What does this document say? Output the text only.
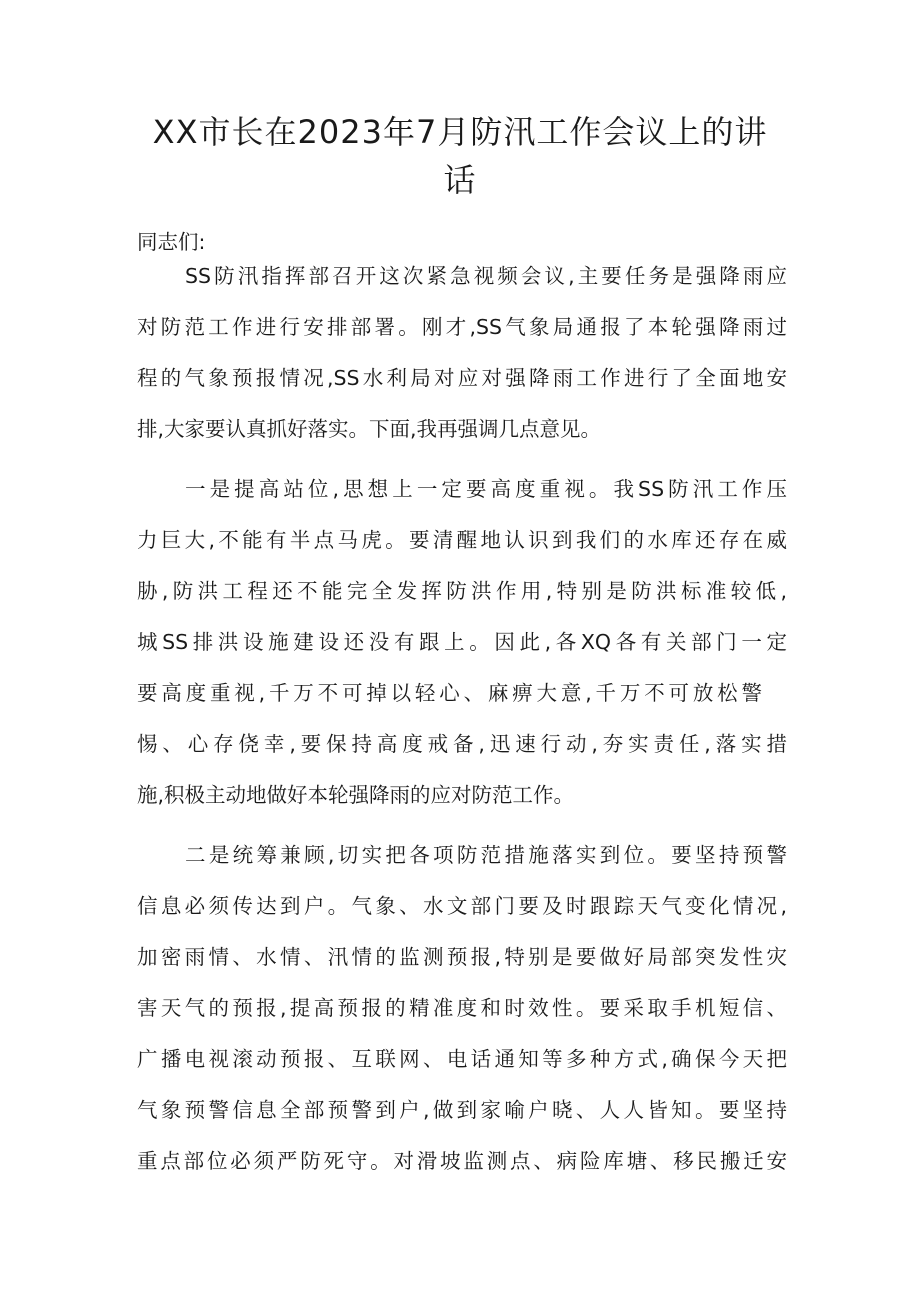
XX市长在2023年7月防汛工作会议上的讲
话

同志们:

SS防汛指挥部召开这次紧急视频会议,主要任务是强降雨应

对防范工作进行安排部署。刚才,SS气象局通报了本轮强降雨过

程的气象预报情况,SS水利局对应对强降雨工作进行了全面地安

排,大家要认真抓好落实。下面,我再强调几点意见。

一是提高站位,思想上一定要高度重视。我SS防汛工作压

力巨大,不能有半点马虎。要清醒地认识到我们的水库还存在威

胁,防洪工程还不能完全发挥防洪作用,特别是防洪标准较低,

城SS排洪设施建设还没有跟上。因此,各XQ各有关部门一定

要高度重视,千万不可掉以轻心、麻痹大意,千万不可放松警

惕、心存侥幸,要保持高度戒备,迅速行动,夯实责任,落实措

施,积极主动地做好本轮强降雨的应对防范工作。

二是统筹兼顾,切实把各项防范措施落实到位。要坚持预警

信息必须传达到户。气象、水文部门要及时跟踪天气变化情况,

加密雨情、水情、汛情的监测预报,特别是要做好局部突发性灾

害天气的预报,提高预报的精准度和时效性。要采取手机短信、

广播电视滚动预报、互联网、电话通知等多种方式,确保今天把

气象预警信息全部预警到户,做到家喻户晓、人人皆知。要坚持

重点部位必须严防死守。对滑坡监测点、病险库塘、移民搬迁安
